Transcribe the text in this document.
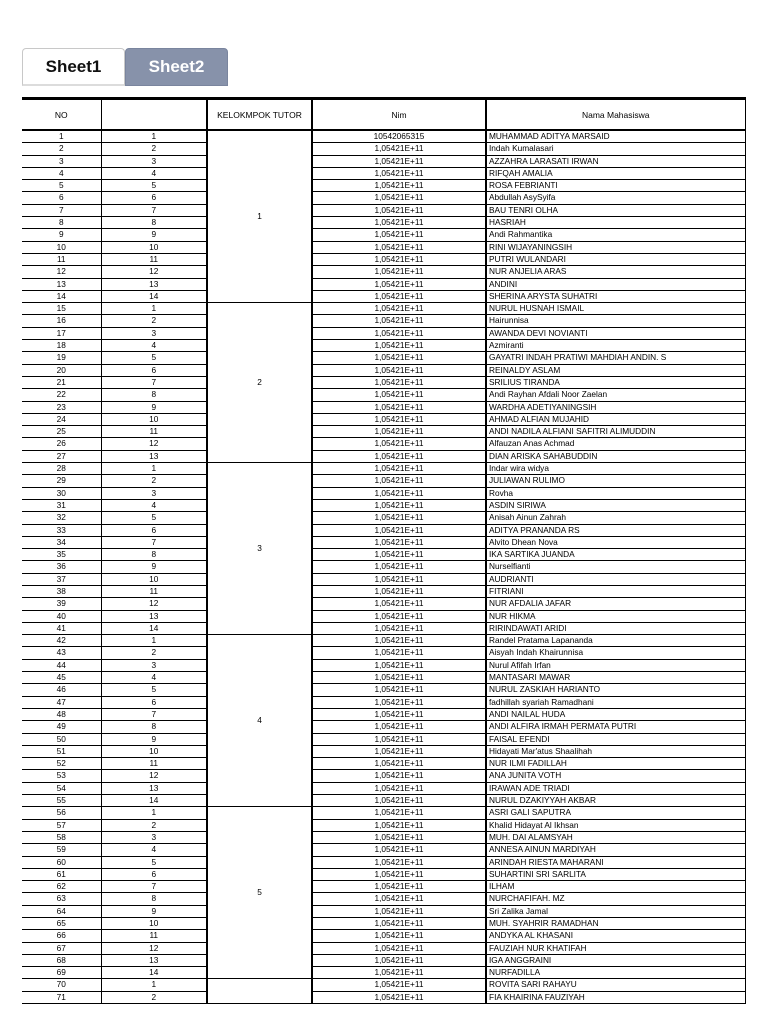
Sheet1	Sheet2
NO		KELOKMPOK TUTOR	Nim	Nama Mahasiswa
1	1	1	10542065315	MUHAMMAD ADITYA MARSAID
2	2		1,05421E+11	Indah Kumalasari
3	3		1,05421E+11	AZZAHRA LARASATI IRWAN
4	4		1,05421E+11	RIFQAH AMALIA
5	5		1,05421E+11	ROSA FEBRIANTI
6	6		1,05421E+11	Abdullah AsySyifa
7	7		1,05421E+11	BAU TENRI OLHA
8	8		1,05421E+11	HASRIAH
9	9		1,05421E+11	Andi Rahmantika
10	10		1,05421E+11	RINI WIJAYANINGSIH
11	11		1,05421E+11	PUTRI WULANDARI
12	12		1,05421E+11	NUR ANJELIA ARAS
13	13		1,05421E+11	ANDINI
14	14		1,05421E+11	SHERINA ARYSTA SUHATRI
15	1	2	1,05421E+11	NURUL HUSNAH ISMAIL
16	2		1,05421E+11	Hairunnisa
17	3		1,05421E+11	AWANDA DEVI NOVIANTI
18	4		1,05421E+11	Azmiranti
19	5		1,05421E+11	GAYATRI INDAH PRATIWI MAHDIAH ANDIN. S
20	6		1,05421E+11	REINALDY ASLAM
21	7		1,05421E+11	SRILIUS TIRANDA
22	8		1,05421E+11	Andi Rayhan Afdali Noor Zaelan
23	9		1,05421E+11	WARDHA ADETIYANINGSIH
24	10		1,05421E+11	AHMAD ALFIAN MUJAHID
25	11		1,05421E+11	ANDI NADILA ALFIANI SAFITRI ALIMUDDIN
26	12		1,05421E+11	Alfauzan Anas Achmad
27	13		1,05421E+11	DIAN ARISKA SAHABUDDIN
28	1	3	1,05421E+11	Indar wira widya
29	2		1,05421E+11	JULIAWAN RULIMO
30	3		1,05421E+11	Rovha
31	4		1,05421E+11	ASDIN SIRIWA
32	5		1,05421E+11	Anisah Ainun Zahrah
33	6		1,05421E+11	ADITYA PRANANDA RS
34	7		1,05421E+11	Alvito Dhean Nova
35	8		1,05421E+11	IKA SARTIKA JUANDA
36	9		1,05421E+11	Nurselfianti
37	10		1,05421E+11	AUDRIANTI
38	11		1,05421E+11	FITRIANI
39	12		1,05421E+11	NUR AFDALIA JAFAR
40	13		1,05421E+11	NUR HIKMA
41	14		1,05421E+11	RIRINDAWATI ARIDI
42	1	4	1,05421E+11	Randel Pratama Lapananda
43	2		1,05421E+11	Aisyah Indah Khairunnisa
44	3		1,05421E+11	Nurul Afifah Irfan
45	4		1,05421E+11	MANTASARI MAWAR
46	5		1,05421E+11	NURUL ZASKIAH HARIANTO
47	6		1,05421E+11	fadhillah syariah Ramadhani
48	7		1,05421E+11	ANDI NAILAL HUDA
49	8		1,05421E+11	ANDI ALFIRA IRMAH PERMATA PUTRI
50	9		1,05421E+11	FAISAL EFENDI
51	10		1,05421E+11	Hidayati Mar'atus Shaalihah
52	11		1,05421E+11	NUR ILMI FADILLAH
53	12		1,05421E+11	ANA JUNITA VOTH
54	13		1,05421E+11	IRAWAN ADE TRIADI
55	14		1,05421E+11	NURUL DZAKIYYAH AKBAR
56	1	5	1,05421E+11	ASRI GALI SAPUTRA
57	2		1,05421E+11	Khalid Hidayat Al Ikhsan
58	3		1,05421E+11	MUH. DAI ALAMSYAH
59	4		1,05421E+11	ANNESA AINUN MARDIYAH
60	5		1,05421E+11	ARINDAH RIESTA MAHARANI
61	6		1,05421E+11	SUHARTINI SRI SARLITA
62	7		1,05421E+11	ILHAM
63	8		1,05421E+11	NURCHAFIFAH. MZ
64	9		1,05421E+11	Sri Zalika Jamal
65	10		1,05421E+11	MUH. SYAHRIR RAMADHAN
66	11		1,05421E+11	ANDYKA AL KHASANI
67	12		1,05421E+11	FAUZIAH NUR KHATIFAH
68	13		1,05421E+11	IGA ANGGRAINI
69	14		1,05421E+11	NURFADILLA
70	1		1,05421E+11	ROVITA SARI RAHAYU
71	2		1,05421E+11	FIA KHAIRINA FAUZIYAH
